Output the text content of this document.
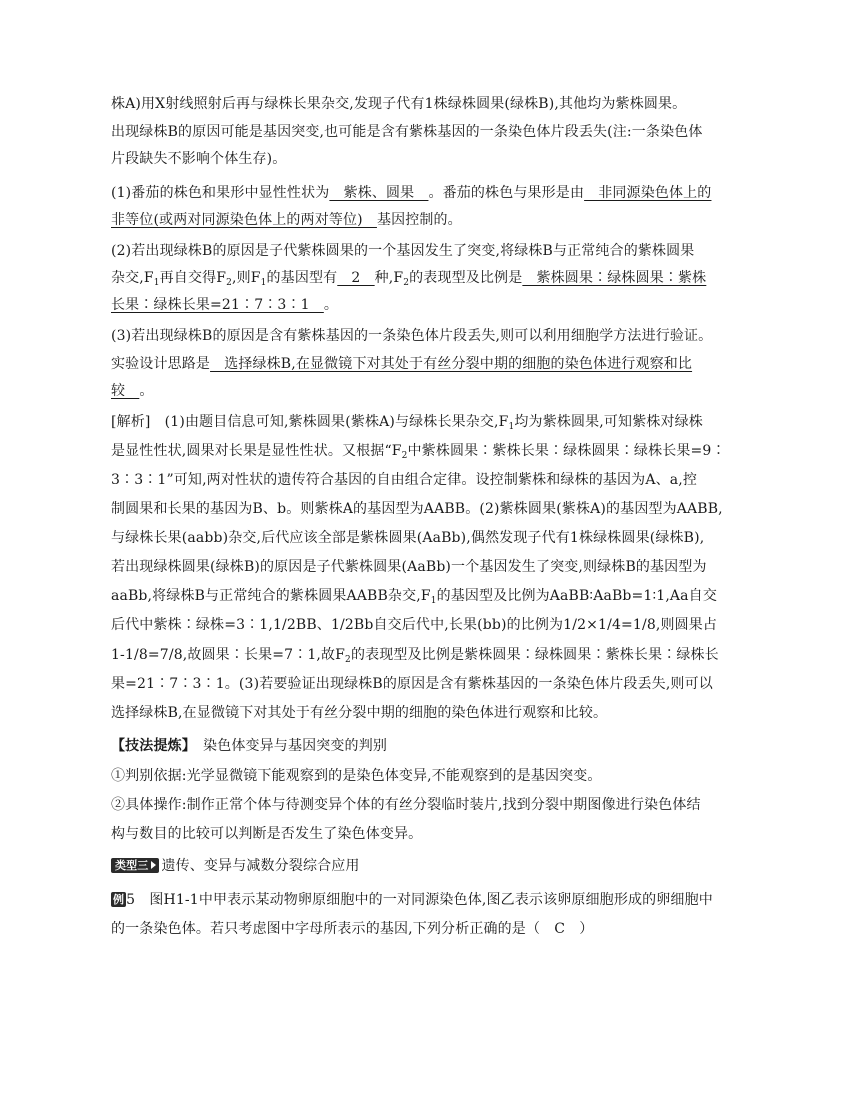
株A)用X射线照射后再与绿株长果杂交,发现子代有1株绿株圆果(绿株B),其他均为紫株圆果。
出现绿株B的原因可能是基因突变,也可能是含有紫株基因的一条染色体片段丢失(注:一条染色体
片段缺失不影响个体生存)。
(1)番茄的株色和果形中显性性状为　紫株、圆果　。番茄的株色与果形是由　非同源染色体上的
非等位(或两对同源染色体上的两对等位)　基因控制的。
(2)若出现绿株B的原因是子代紫株圆果的一个基因发生了突变,将绿株B与正常纯合的紫株圆果
杂交$,F_1$再自交得$F_2$,则$F_1$的基因型有　2　种$,F_2$的表现型及比例是　紫株圆果∶绿株圆果∶紫株
长果∶绿株长果=21∶7∶3∶1　。
(3)若出现绿株B的原因是含有紫株基因的一条染色体片段丢失,则可以利用细胞学方法进行验证。
实验设计思路是　选择绿株B,在显微镜下对其处于有丝分裂中期的细胞的染色体进行观察和比
较　。
[解析]　(1)由题目信息可知,紫株圆果(紫株A)与绿株长果杂交$,F_1$均为紫株圆果,可知紫株对绿株
是显性性状,圆果对长果是显性性状。又根据“$F_2$中紫株圆果∶紫株长果∶绿株圆果∶绿株长果=9∶
3∶3∶1”可知,两对性状的遗传符合基因的自由组合定律。设控制紫株和绿株的基因为A、a,控
制圆果和长果的基因为B、b。则紫株A的基因型为AABB。(2)紫株圆果(紫株A)的基因型为AABB,
与绿株长果(aabb)杂交,后代应该全部是紫株圆果(AaBb),偶然发现子代有1株绿株圆果(绿株B),
若出现绿株圆果(绿株B)的原因是子代紫株圆果(AaBb)一个基因发生了突变,则绿株B的基因型为
aaBb,将绿株B与正常纯合的紫株圆果AABB杂交$,F_1$的基因型及比例为AaBB∶AaBb=1∶1,Aa自交
后代中紫株∶绿株=3∶1,1/2BB、1/2Bb自交后代中,长果(bb)的比例为1/2×1/4=1/8,则圆果占
1-1/8=7/8,故圆果∶长果=7∶1,故$F_2$的表现型及比例是紫株圆果∶绿株圆果∶紫株长果∶绿株长
果=21∶7∶3∶1。(3)若要验证出现绿株B的原因是含有紫株基因的一条染色体片段丢失,则可以
选择绿株B,在显微镜下对其处于有丝分裂中期的细胞的染色体进行观察和比较。
【技法提炼】　染色体变异与基因突变的判别
①判别依据:光学显微镜下能观察到的是染色体变异,不能观察到的是基因突变。
②具体操作:制作正常个体与待测变异个体的有丝分裂临时装片,找到分裂中期图像进行染色体结
构与数目的比较可以判断是否发生了染色体变异。
类型三 遗传、变异与减数分裂综合应用
例 5　图H1-1中甲表示某动物卵原细胞中的一对同源染色体,图乙表示该卵原细胞形成的卵细胞中
的一条染色体。若只考虑图中字母所表示的基因,下列分析正确的是（　C　）
